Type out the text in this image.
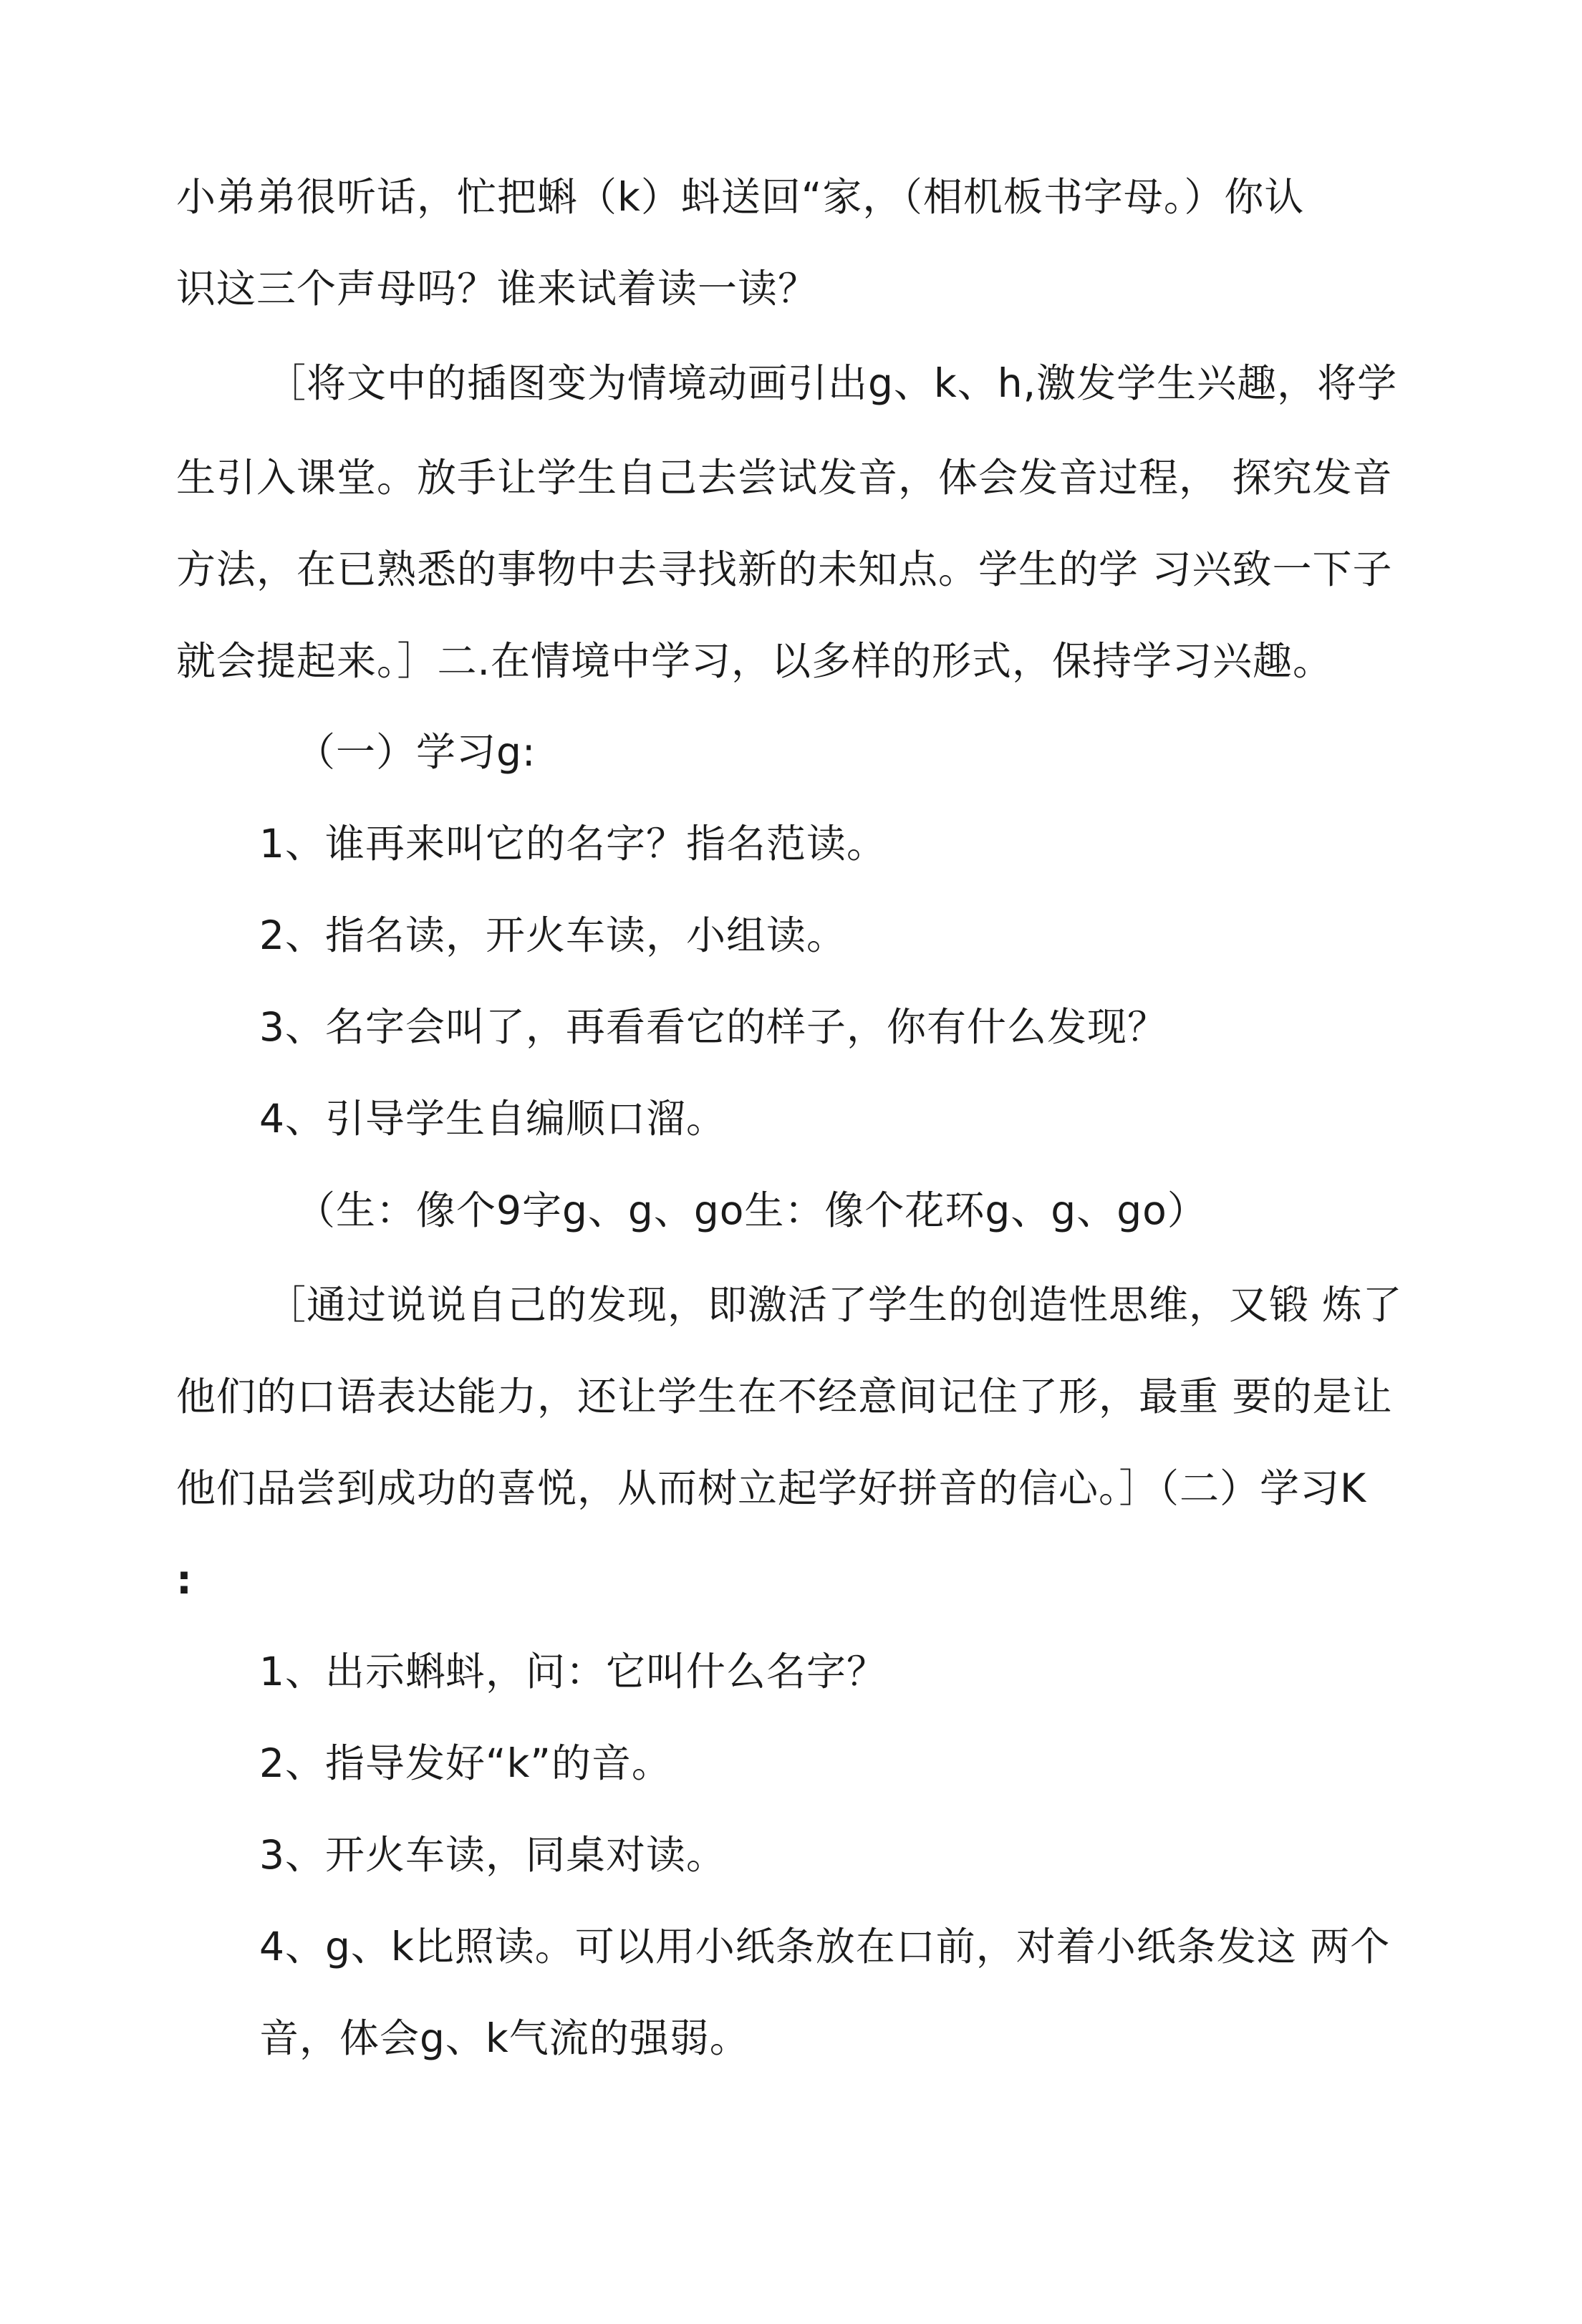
小弟弟很听话，忙把蝌（k）蚪送回“家，（相机板书字母。）你认
识这三个声母吗？谁来试着读一读？
［将文中的插图变为情境动画引出g、k、h,激发学生兴趣，将学
生引入课堂。放手让学生自己去尝试发音，体会发音过程， 探究发音
方法，在已熟悉的事物中去寻找新的未知点。学生的学 习兴致一下子
就会提起来。］二.在情境中学习，以多样的形式，保持学习兴趣。
（一）学习g:
1、谁再来叫它的名字？指名范读。
2、指名读，开火车读，小组读。
3、名字会叫了，再看看它的样子，你有什么发现？
4、引导学生自编顺口溜。
（生：像个9字g、g、go生：像个花环g、g、go）
［通过说说自己的发现，即激活了学生的创造性思维，又锻 炼了
他们的口语表达能力，还让学生在不经意间记住了形，最重 要的是让
他们品尝到成功的喜悦，从而树立起学好拼音的信心。］（二）学习K
:
1、出示蝌蚪，问：它叫什么名字？
2、指导发好“k”的音。
3、开火车读，同桌对读。
4、g、k比照读。可以用小纸条放在口前，对着小纸条发这 两个
音，体会g、k气流的强弱。
